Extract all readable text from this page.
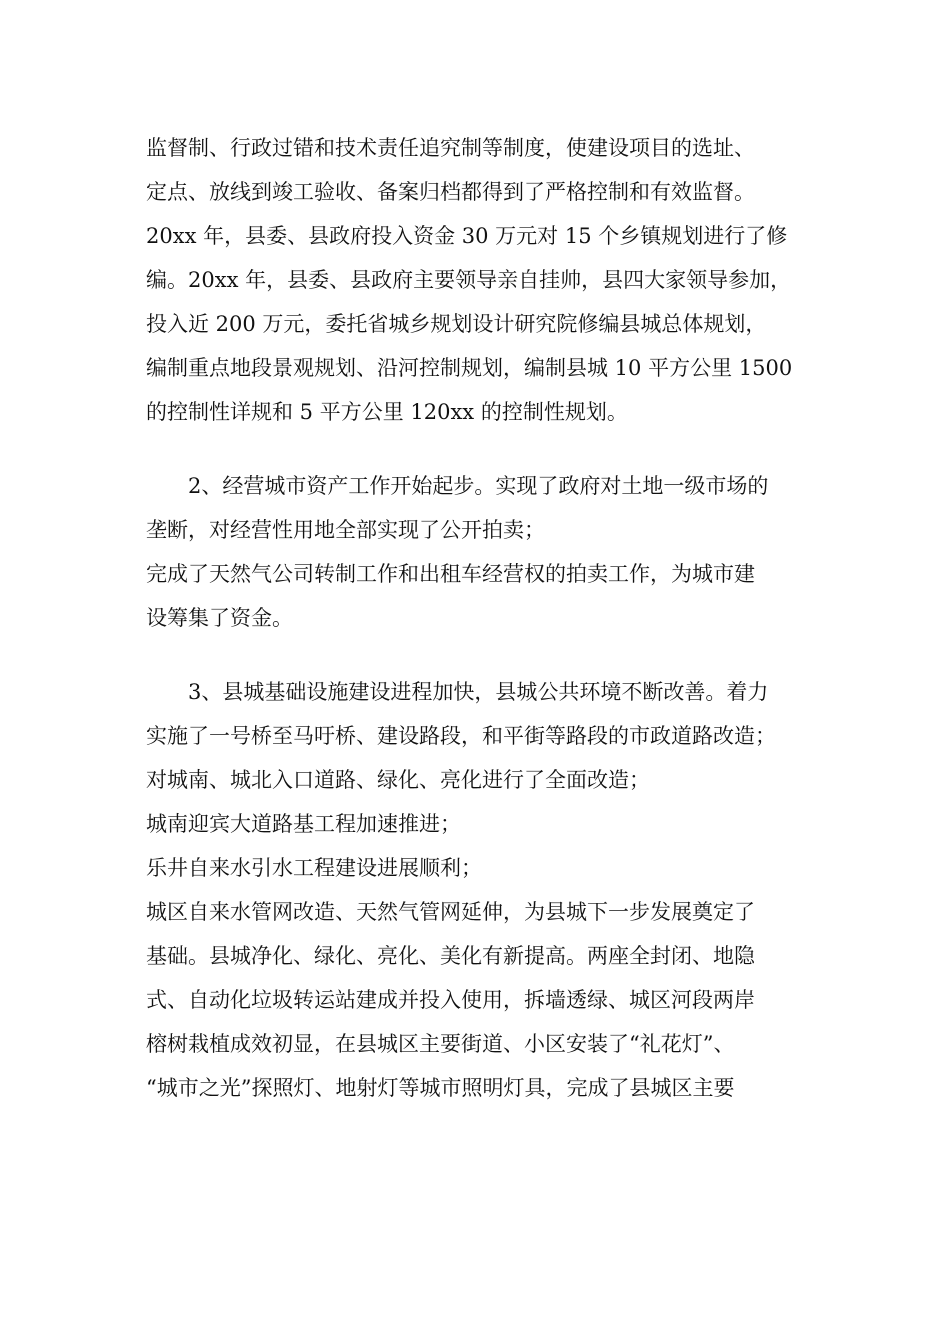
监督制、行政过错和技术责任追究制等制度，使建设项目的选址、
定点、放线到竣工验收、备案归档都得到了严格控制和有效监督。
20xx 年，县委、县政府投入资金 30 万元对 15 个乡镇规划进行了修
编。20xx 年，县委、县政府主要领导亲自挂帅，县四大家领导参加，
投入近 200 万元，委托省城乡规划设计研究院修编县城总体规划，
编制重点地段景观规划、沿河控制规划，编制县城 10 平方公里 1500
的控制性详规和 5 平方公里 120xx 的控制性规划。
　　2、经营城市资产工作开始起步。实现了政府对土地一级市场的
垄断，对经营性用地全部实现了公开拍卖；
完成了天然气公司转制工作和出租车经营权的拍卖工作，为城市建
设筹集了资金。
　　3、县城基础设施建设进程加快，县城公共环境不断改善。着力
实施了一号桥至马吁桥、建设路段，和平街等路段的市政道路改造；
对城南、城北入口道路、绿化、亮化进行了全面改造；
城南迎宾大道路基工程加速推进；
乐井自来水引水工程建设进展顺利；
城区自来水管网改造、天然气管网延伸，为县城下一步发展奠定了
基础。县城净化、绿化、亮化、美化有新提高。两座全封闭、地隐
式、自动化垃圾转运站建成并投入使用，拆墙透绿、城区河段两岸
榕树栽植成效初显，在县城区主要街道、小区安装了“礼花灯”、
“城市之光”探照灯、地射灯等城市照明灯具，完成了县城区主要
